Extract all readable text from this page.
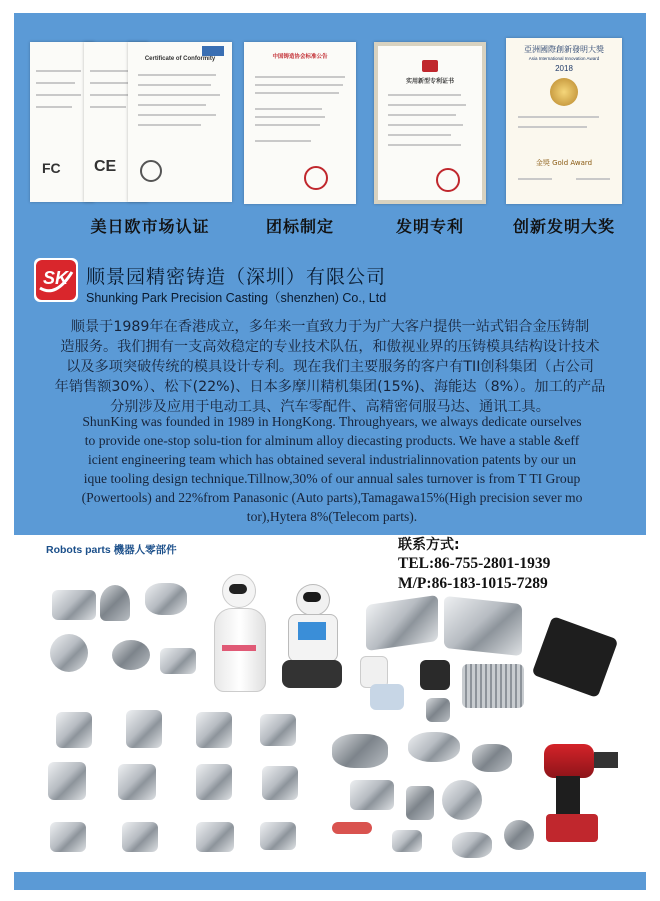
FC CE
Certificate of Conformity
美日欧市场认证
中国铸造协会标准公告
团标制定
实用新型专利证书
发明专利
亞洲國際創新發明大獎
Asia International Innovation Award
2018
金獎 Gold Award
创新发明大奖
SK 顺景园精密铸造（深圳）有限公司
Shunking Park Precision Casting（shenzhen) Co., Ltd
顺景于1989年在香港成立，多年来一直致力于为广大客户提供一站式铝合金压铸制
造服务。我们拥有一支高效稳定的专业技术队伍，和傲视业界的压铸模具结构设计技术
以及多项突破传统的模具设计专利。现在我们主要服务的客户有TII创科集团（占公司
年销售额30%）、松下(22%)、日本多摩川精机集团(15%)、海能达（8%）。加工的产品
分别涉及应用于电动工具、汽车零配件、高精密伺服马达、通讯工具。
ShunKing was founded in 1989 in HongKong. Throughyears, we always dedicate ourselves
to provide one-stop solu-tion for alminum alloy diecasting products. We have a stable &eff
icient engineering team which has obtained several industrialinnovation patents by our un
ique tooling design technique.Tillnow,30% of our annual sales turnover is from T TI Group
(Powertools) and 22%from Panasonic (Auto parts),Tamagawa15%(High precision sever mo
tor),Hytera 8%(Telecom parts).
Robots parts 機器人零部件	联系方式:
TEL:86-755-2801-1939
M/P:86-183-1015-7289
